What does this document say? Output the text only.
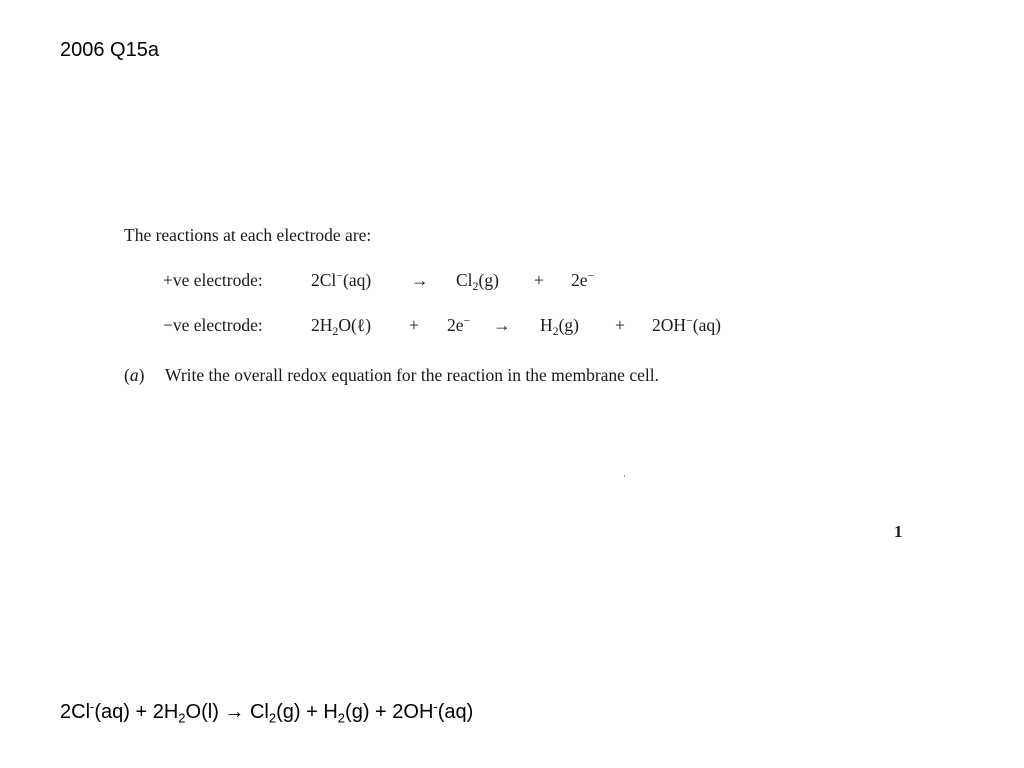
2006 Q15a
The reactions at each electrode are:
+ve electrode:	$2Cl^-(aq) \to Cl_2(g) + 2e^-$
−ve electrode:	$2H_2O(\ell) + 2e^- \to H_2(g) + 2OH^-(aq)$
(a) Write the overall redox equation for the reaction in the membrane cell.
1
$2Cl^-(aq) + 2H_2O(l) \to Cl_2(g) + H_2(g) + 2OH^-(aq)$
